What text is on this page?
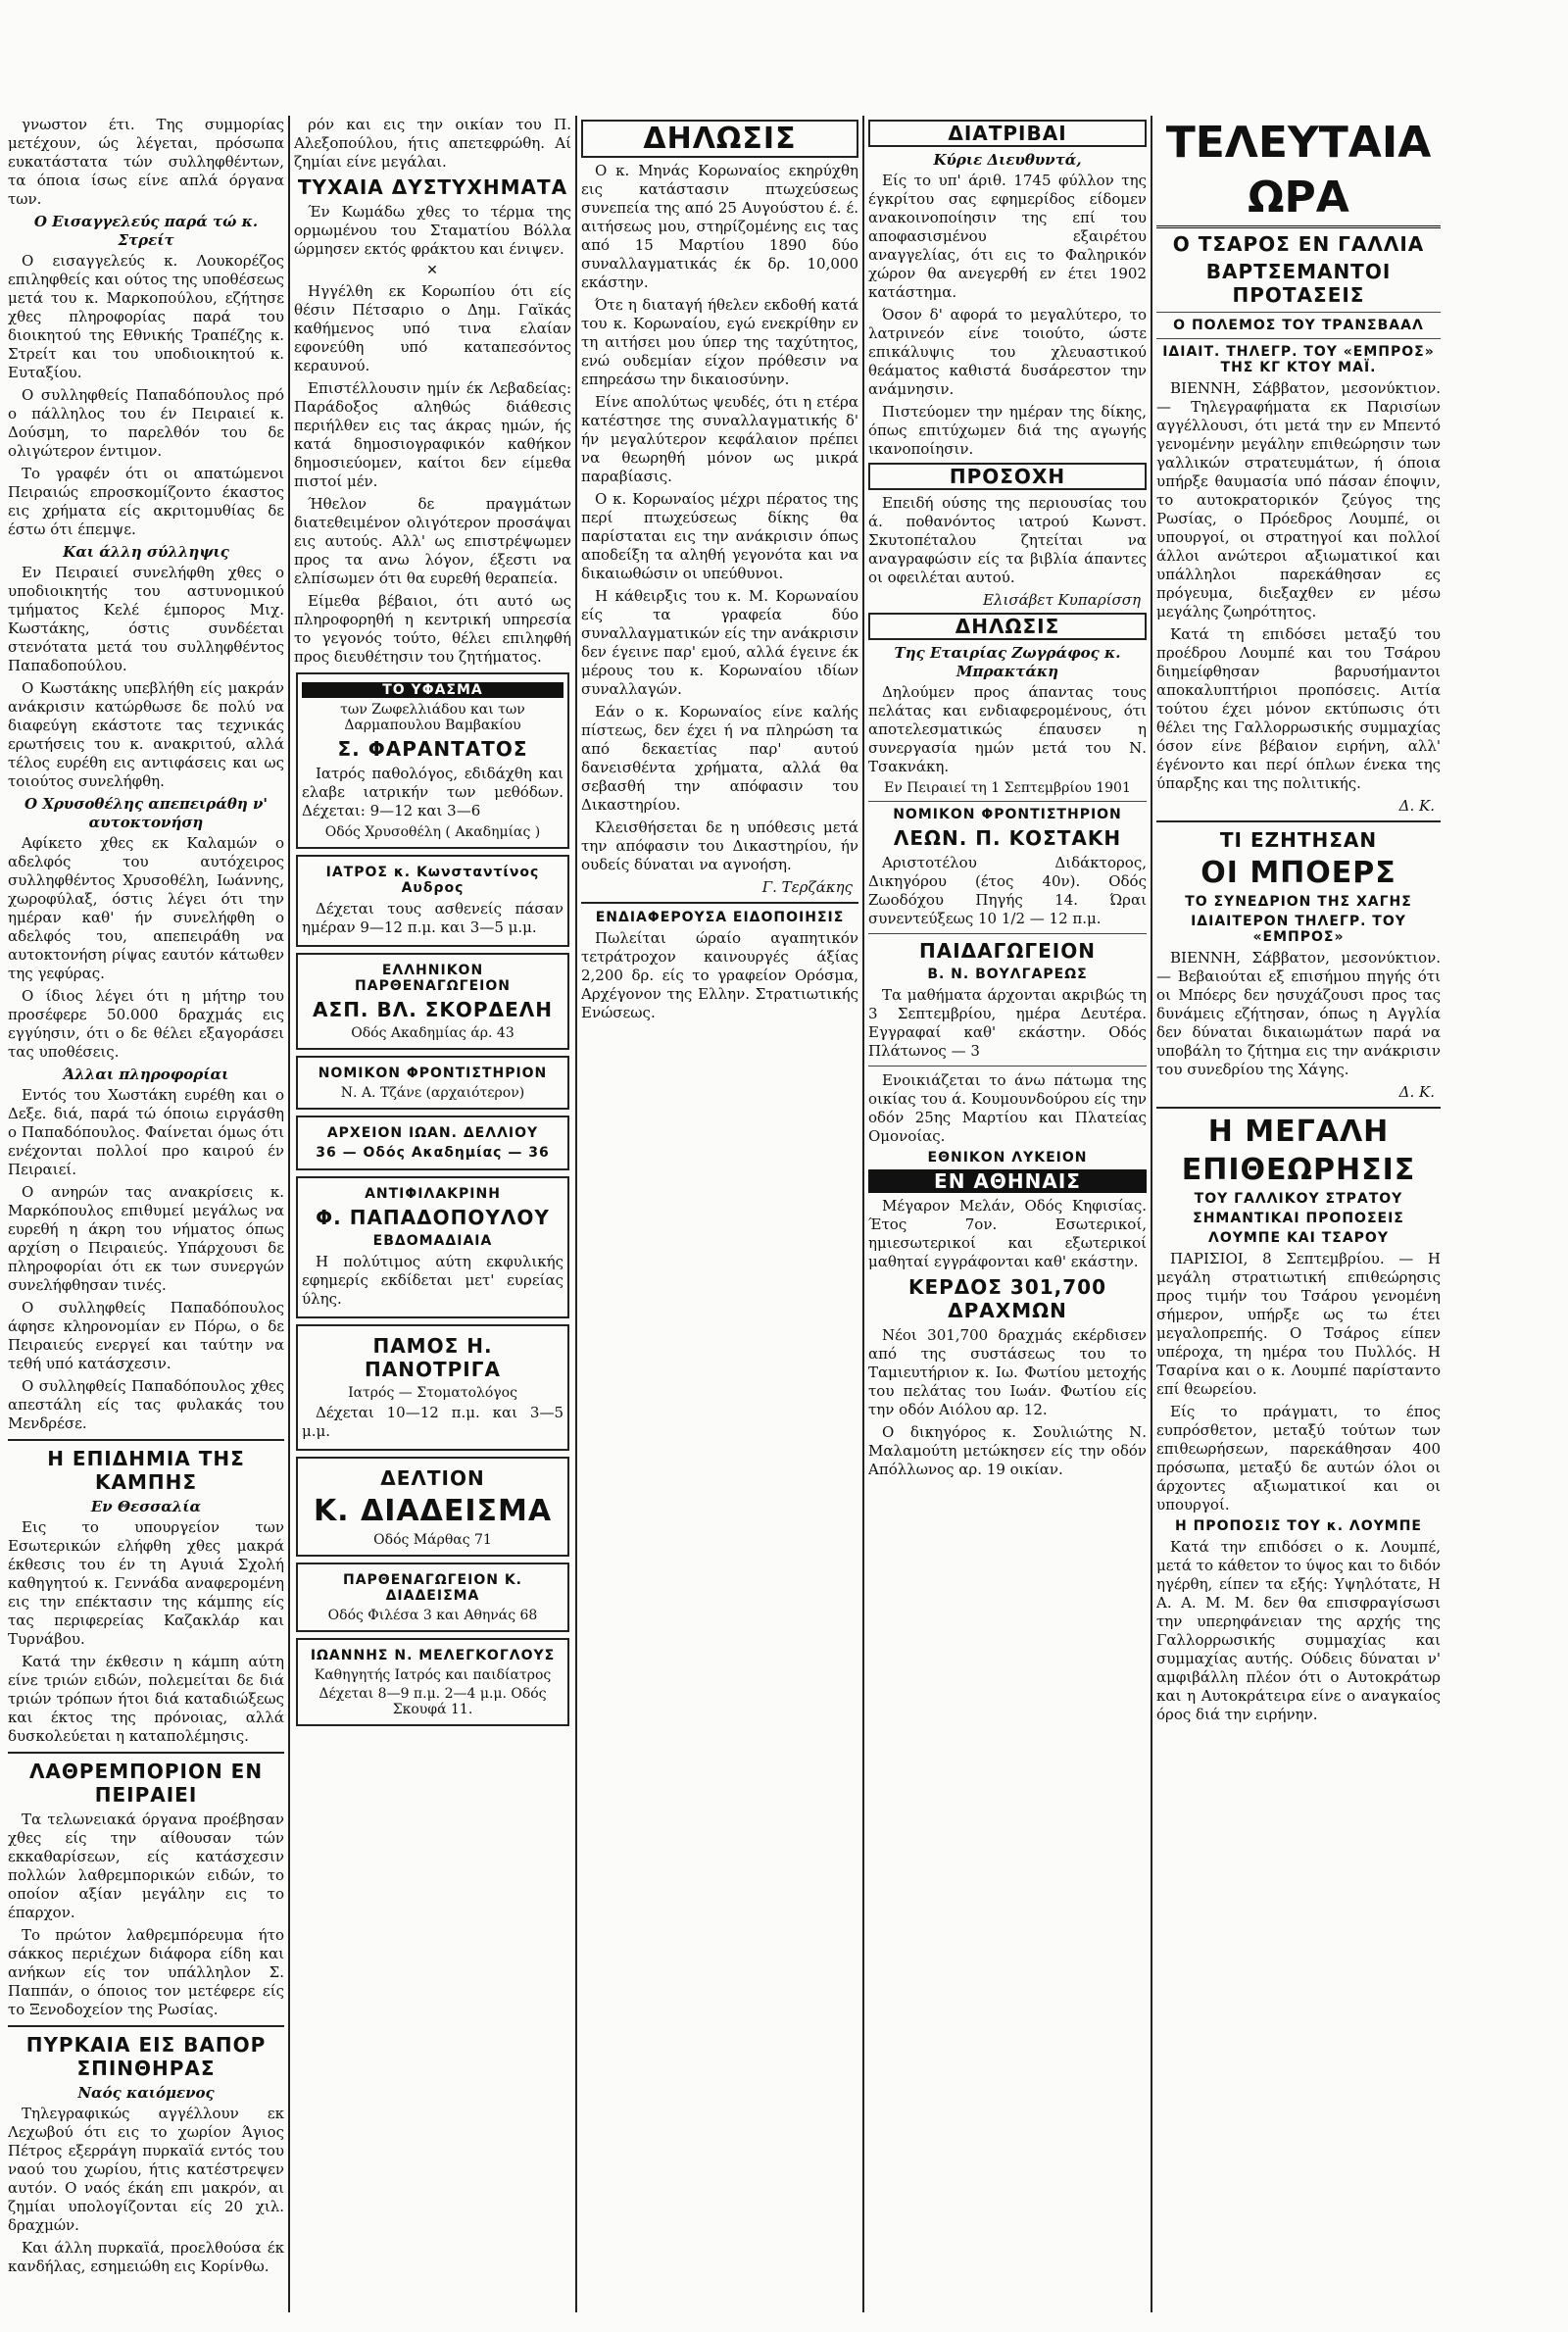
γνωστον έτι. Της συμμορίας μετέχουν, ώς λέγεται, πρόσωπα ευκατάστατα τών συλληφθέντων, τα όποια ίσως είνε απλά όργανα των.

Ο Εισαγγελεύς παρά τώ κ. Στρείτ

Ο εισαγγελεύς κ. Λουκορέζος επιληφθείς και ούτος της υποθέσεως μετά του κ. Μαρκοπούλου, εζήτησε χθες πληροφορίας παρά του διοικητού της Εθνικής Τραπέζης κ. Στρείτ και του υποδιοικητού κ. Ευταξίου.

Ο συλληφθείς Παπαδόπουλος πρό ο πάλληλος του έν Πειραιεί κ. Δούσμη, το παρελθόν του δε ολιγώτερον έντιμον.

Το γραφέν ότι οι απατώμενοι Πειραιώς επροσκομίζοντο έκαστος εις χρήματα είς ακριτομυθίας δε έστω ότι έπεμψε.

Και άλλη σύλληψις

Εν Πειραιεί συνελήφθη χθες ο υποδιοικητής του αστυνομικού τμήματος Κελέ έμπορος Μιχ. Κωστάκης, όστις συνδέεται στενότατα μετά του συλληφθέντος Παπαδοπούλου.

Ο Κωστάκης υπεβλήθη είς μακράν ανάκρισιν κατώρθωσε δε πολύ να διαφεύγη εκάστοτε τας τεχνικάς ερωτήσεις του κ. ανακριτού, αλλά τέλος ευρέθη εις αντιφάσεις και ως τοιούτος συνελήφθη.

Ο Χρυσοθέλης απεπειράθη ν' αυτοκτονήση

Αφίκετο χθες εκ Καλαμών ο αδελφός του αυτόχειρος συλληφθέντος Χρυσοθέλη, Ιωάννης, χωροφύλαξ, όστις λέγει ότι την ημέραν καθ' ήν συνελήφθη ο αδελφός του, απεπειράθη να αυτοκτονήση ρίψας εαυτόν κάτωθεν της γεφύρας.

Ο ίδιος λέγει ότι η μήτηρ του προσέφερε 50.000 δραχμάς εις εγγύησιν, ότι ο δε θέλει εξαγοράσει τας υποθέσεις.

Άλλαι πληροφορίαι

Εντός του Χωστάκη ευρέθη και ο Δεξε. διά, παρά τώ όποιω ειργάσθη ο Παπαδόπουλος. Φαίνεται όμως ότι ενέχονται πολλοί προ καιρού έν Πειραιεί.

Ο ανηρών τας ανακρίσεις κ. Μαρκόπουλος επιθυμεί μεγάλως να ευρεθή η άκρη του νήματος όπως αρχίση ο Πειραιεύς. Υπάρχουσι δε πληροφορίαι ότι εκ των συνεργών συνελήφθησαν τινές.

Ο συλληφθείς Παπαδόπουλος άφησε κληρονομίαν εν Πόρω, ο δε Πειραιεύς ενεργεί και ταύτην να τεθή υπό κατάσχεσιν.

Ο συλληφθείς Παπαδόπουλος χθες απεστάλη είς τας φυλακάς του Μενδρέσε.

Η ΕΠΙΔΗΜΙΑ ΤΗΣ ΚΑΜΠΗΣ

Εν Θεσσαλία

Εις το υπουργείον των Εσωτερικών ελήφθη χθες μακρά έκθεσις του έν τη Αγυιά Σχολή καθηγητού κ. Γεννάδα αναφερομένη εις την επέκτασιν της κάμπης είς τας περιφερείας Καζακλάρ και Τυρνάβου.

Κατά την έκθεσιν η κάμπη αύτη είνε τριών ειδών, πολεμείται δε διά τριών τρόπων ήτοι διά καταδιώξεως και έκτος της πρόνοιας, αλλά δυσκολεύεται η καταπολέμησις.

ΛΑΘΡΕΜΠΟΡΙΟΝ ΕΝ ΠΕΙΡΑΙΕΙ

Τα τελωνειακά όργανα προέβησαν χθες είς την αίθουσαν τών εκκαθαρίσεων, είς κατάσχεσιν πολλών λαθρεμπορικών ειδών, το οποίον αξίαν μεγάλην εις το έπαρχον.

Το πρώτον λαθρεμπόρευμα ήτο σάκκος περιέχων διάφορα είδη και ανήκων είς τον υπάλληλον Σ. Παππάν, ο όποιος τον μετέφερε είς το Ξενοδοχείον της Ρωσίας.

ΠΥΡΚΑΙΑ ΕΙΣ ΒΑΠΟΡ ΣΠΙΝΘΗΡΑΣ

Ναός καιόμενος

Τηλεγραφικώς αγγέλλουν εκ Λεχωβού ότι εις το χωρίον Άγιος Πέτρος εξερράγη πυρκαϊά εντός του ναού του χωρίου, ήτις κατέστρεψεν αυτόν. Ο ναός έκάη επι μακρόν, αι ζημίαι υπολογίζονται είς 20 χιλ. δραχμών.

Και άλλη πυρκαϊά, προελθούσα έκ κανδήλας, εσημειώθη εις Κορίνθω.

ρόν και εις την οικίαν του Π. Αλεξοπούλου, ήτις απετεφρώθη. Αί ζημίαι είνε μεγάλαι.

ΤΥΧΑΙΑ ΔΥΣΤΥΧΗΜΑΤΑ

Έν Κωμάδω χθες το τέρμα της ορμωμένου του Σταματίου Βόλλα ώρμησεν εκτός φράκτου και ένιψεν.

✕

Ηγγέλθη εκ Κορωπίου ότι είς θέσιν Πέτσαριο ο Δημ. Γαϊκάς καθήμενος υπό τινα ελαίαν εφονεύθη υπό καταπεσόντος κεραυνού.

Επιστέλλουσιν ημίν έκ Λεβαδείας: Παράδοξος αληθώς διάθεσις περιήλθεν εις τας άκρας ημών, ής κατά δημοσιογραφικόν καθήκον δημοσιεύομεν, καίτοι δεν είμεθα πιστοί μέν.

Ήθελον δε πραγμάτων διατεθειμένον ολιγότερον προσάψαι εις αυτούς. Αλλ' ως επιστρέψωμεν προς τα ανω λόγον, έξεστι να ελπίσωμεν ότι θα ευρεθή θεραπεία.

Είμεθα βέβαιοι, ότι αυτό ως πληροφορηθή η κεντρική υπηρεσία το γεγονός τούτο, θέλει επιληφθή προς διευθέτησιν του ζητήματος.

ΤΟ ΥΦΑΣΜΑ
των Ζωφελλιάδου και των Δαρμαπουλου Βαμβακίου
Σ. ΦΑΡΑΝΤΑΤΟΣ

Ιατρός παθολόγος, εδιδάχθη και ελαβε ιατρικήν των μεθόδων. Δέχεται: 9—12 και 3—6

Οδός Χρυσοθέλη ( Ακαδημίας )
ΙΑΤΡΟΣ κ. Κωνσταντίνος Αυδρος

Δέχεται τους ασθενείς πάσαν ημέραν 9—12 π.μ. και 3—5 μ.μ.

ΕΛΛΗΝΙΚΟΝ ΠΑΡΘΕΝΑΓΩΓΕΙΟΝ
ΑΣΠ. ΒΛ. ΣΚΟΡΔΕΛΗ
Οδός Ακαδημίας άρ. 43
ΝΟΜΙΚΟΝ ΦΡΟΝΤΙΣΤΗΡΙΟΝ
Ν. Α. Τζάνε (αρχαιότερον)
ΑΡΧΕΙΟΝ ΙΩΑΝ. ΔΕΛΛΙΟΥ
36 — Οδός Ακαδημίας — 36
ΑΝΤΙΦΙΛΑΚΡΙΝΗ
Φ. ΠΑΠΑΔΟΠΟΥΛΟΥ
ΕΒΔΟΜΑΔΙΑΙΑ

Η πολύτιμος αύτη εκφυλικής εφημερίς εκδίδεται μετ' ευρείας ύλης.

ΠΑΜΟΣ Η. ΠΑΝΟΤΡΙΓΑ
Ιατρός — Στοματολόγος

Δέχεται 10—12 π.μ. και 3—5 μ.μ.

ΔΕΛΤΙΟΝ
Κ. ΔΙΑΔΕΙΣΜΑ
Οδός Μάρθας 71
ΠΑΡΘΕΝΑΓΩΓΕΙΟΝ Κ. ΔΙΑΔΕΙΣΜΑ
Οδός Φιλέσα 3 και Αθηνάς 68
ΙΩΑΝΝΗΣ Ν. ΜΕΛΕΓΚΟΓΛΟΥΣ
Καθηγητής Ιατρός και παιδίατρος
Δέχεται 8—9 π.μ. 2—4 μ.μ. Οδός Σκουφά 11.
ΔΗΛΩΣΙΣ

Ο κ. Μηνάς Κορωναίος εκηρύχθη εις κατάστασιν πτωχεύσεως συνεπεία της από 25 Αυγούστου έ. έ. αιτήσεως μου, στηρίζομένης εις τας από 15 Μαρτίου 1890 δύο συναλλαγματικάς έκ δρ. 10,000 εκάστην.

Ότε η διαταγή ήθελεν εκδοθή κατά του κ. Κορωναίου, εγώ ενεκρίθην εν τη αιτήσει μου ύπερ της ταχύτητος, ενώ ουδεμίαν είχον πρόθεσιν να επηρεάσω την δικαιοσύνην.

Είνε απολύτως ψευδές, ότι η ετέρα κατέστησε της συναλλαγματικής δ' ήν μεγαλύτερον κεφάλαιον πρέπει να θεωρηθή μόνον ως μικρά παραβίασις.

Ο κ. Κορωναίος μέχρι πέρατος της περί πτωχεύσεως δίκης θα παρίσταται εις την ανάκρισιν όπως αποδείξη τα αληθή γεγονότα και να δικαιωθώσιν οι υπεύθυνοι.

Η κάθειρξις του κ. Μ. Κορωναίου είς τα γραφεία δύο συναλλαγματικών είς την ανάκρισιν δεν έγεινε παρ' εμού, αλλά έγεινε έκ μέρους του κ. Κορωναίου ιδίων συναλλαγών.

Εάν ο κ. Κορωναίος είνε καλής πίστεως, δεν έχει ή να πληρώση τα από δεκαετίας παρ' αυτού δανεισθέντα χρήματα, αλλά θα σεβασθή την απόφασιν του Δικαστηρίου.

Κλεισθήσεται δε η υπόθεσις μετά την απόφασιν του Δικαστηρίου, ήν ουδείς δύναται να αγνοήση.

Γ. Τερζάκης
ΕΝΔΙΑΦΕΡΟΥΣΑ ΕΙΔΟΠΟΙΗΣΙΣ

Πωλείται ώραίο αγαπητικόν τετράτροχον καινουργές άξίας 2,200 δρ. είς το γραφείον Ορόσμα, Αρχέγονον της Ελλην. Στρατιωτικής Ενώσεως.

ΔΙΑΤΡΙΒΑΙ

Κύριε Διευθυντά,

Είς το υπ' άριθ. 1745 φύλλον της έγκρίτου σας εφημερίδος είδομεν ανακοινοποίησιν της επί του αποφασισμένου εξαιρέτου αναγγελίας, ότι εις το Φαληρικόν χώρον θα ανεγερθή εν έτει 1902 κατάστημα.

Όσον δ' αφορά το μεγαλύτερο, το λατρινεόν είνε τοιούτο, ώστε επικάλυψις του χλευαστικού θεάματος καθιστά δυσάρεστον την ανάμνησιν.

Πιστεύομεν την ημέραν της δίκης, όπως επιτύχωμεν διά της αγωγής ικανοποίησιν.

ΠΡΟΣΟΧΗ

Επειδή ούσης της περιουσίας του ά. ποθανόντος ιατρού Κωνστ. Σκυτοπέταλου ζητείται να αναγραφώσιν είς τα βιβλία άπαντες οι οφειλέται αυτού.

Ελισάβετ Κυπαρίσση
ΔΗΛΩΣΙΣ

Της Εταιρίας Ζωγράφος κ. Μπρακτάκη

Δηλούμεν προς άπαντας τους πελάτας και ενδιαφερομένους, ότι αποτελεσματικώς έπαυσεν η συνεργασία ημών μετά του Ν. Τσακνάκη.

Εν Πειραιεί τη 1 Σεπτεμβρίου 1901
ΝΟΜΙΚΟΝ ΦΡΟΝΤΙΣΤΗΡΙΟΝ
ΛΕΩΝ. Π. ΚΟΣΤΑΚΗ

Αριστοτέλου Διδάκτορος, Δικηγόρου (έτος 40ν). Οδός Ζωοδόχου Πηγής 14. Ώραι συνεντεύξεως 10 1/2 — 12 π.μ.

ΠΑΙΔΑΓΩΓΕΙΟΝ
Β. Ν. ΒΟΥΛΓΑΡΕΩΣ

Τα μαθήματα άρχονται ακριβώς τη 3 Σεπτεμβρίου, ημέρα Δευτέρα. Εγγραφαί καθ' εκάστην. Οδός Πλάτωνος — 3

Ενοικιάζεται το άνω πάτωμα της οικίας του ά. Κουμουνδούρου είς την οδόν 25ης Μαρτίου και Πλατείας Ομονοίας.

ΕΘΝΙΚΟΝ ΛΥΚΕΙΟΝ
ΕΝ ΑΘΗΝΑΙΣ

Μέγαρον Μελάν, Οδός Κηφισίας. Έτος 7ον. Εσωτερικοί, ημιεσωτερικοί και εξωτερικοί μαθηταί εγγράφονται καθ' εκάστην.

ΚΕΡΔΟΣ 301,700 ΔΡΑΧΜΩΝ

Νέοι 301,700 δραχμάς εκέρδισεν από της συστάσεως του το Ταμιευτήριον κ. Ιω. Φωτίου μετοχής του πελάτας του Ιωάν. Φωτίου είς την οδόν Αιόλου αρ. 12.

Ο δικηγόρος κ. Σουλιώτης Ν. Μαλαμούτη μετώκησεν είς την οδόν Απόλλωνος αρ. 19 οικίαν.

ΤΕΛΕΥΤΑΙΑ ΩΡΑ
Ο ΤΣΑΡΟΣ ΕΝ ΓΑΛΛΙΑ
ΒΑΡΤΣΕΜΑΝΤΟΙ ΠΡΟΤΑΣΕΙΣ
Ο ΠΟΛΕΜΟΣ ΤΟΥ ΤΡΑΝΣΒΑΑΛ
ΙΔΙΑΙΤ. ΤΗΛΕΓΡ. ΤΟΥ «ΕΜΠΡΟΣ» ΤΗΣ ΚΓ ΚΤΟΥ ΜΑΪ.

ΒΙΕΝΝΗ, Σάββατον, μεσονύκτιον. — Τηλεγραφήματα εκ Παρισίων αγγέλλουσι, ότι μετά την εν Μπεντό γενομένην μεγάλην επιθεώρησιν των γαλλικών στρατευμάτων, ή όποια υπήρξε θαυμασία υπό πάσαν έποψιν, το αυτοκρατορικόν ζεύγος της Ρωσίας, ο Πρόεδρος Λουμπέ, οι υπουργοί, οι στρατηγοί και πολλοί άλλοι ανώτεροι αξιωματικοί και υπάλληλοι παρεκάθησαν ες πρόγευμα, διεξαχθεν εν μέσω μεγάλης ζωηρότητος.

Κατά τη επιδόσει μεταξύ του προέδρου Λουμπέ και του Τσάρου διημείφθησαν βαρυσήμαντοι αποκαλυπτήριοι προπόσεις. Αιτία τούτου έχει μόνον εκτύπωσις ότι θέλει της Γαλλορρωσικής συμμαχίας όσον είνε βέβαιον ειρήνη, αλλ' έγένοντο και περί όπλων ένεκα της ύπαρξης και της πολιτικής.

Δ. Κ.
ΤΙ ΕΖΗΤΗΣΑΝ
ΟΙ ΜΠΟΕΡΣ
ΤΟ ΣΥΝΕΔΡΙΟΝ ΤΗΣ ΧΑΓΗΣ
ΙΔΙΑΙΤΕΡΟΝ ΤΗΛΕΓΡ. ΤΟΥ «ΕΜΠΡΟΣ»

ΒΙΕΝΝΗ, Σάββατον, μεσονύκτιον. — Βεβαιούται εξ επισήμου πηγής ότι οι Μπόερς δεν ησυχάζουσι προς τας δυνάμεις εζήτησαν, όπως η Αγγλία δεν δύναται δικαιωμάτων παρά να υποβάλη το ζήτημα εις την ανάκρισιν του συνεδρίου της Χάγης.

Δ. Κ.
Η ΜΕΓΑΛΗ
ΕΠΙΘΕΩΡΗΣΙΣ
ΤΟΥ ΓΑΛΛΙΚΟΥ ΣΤΡΑΤΟΥ
ΣΗΜΑΝΤΙΚΑΙ ΠΡΟΠΟΣΕΙΣ
ΛΟΥΜΠΕ ΚΑΙ ΤΣΑΡΟΥ

ΠΑΡΙΣΙΟΙ, 8 Σεπτεμβρίου. — Η μεγάλη στρατιωτική επιθεώρησις προς τιμήν του Τσάρου γενομένη σήμερον, υπήρξε ως τω έτει μεγαλοπρεπής. Ο Τσάρος είπεν υπέροχα, τη ημέρα του Πυλλός. Η Τσαρίνα και ο κ. Λουμπέ παρίσταντο επί θεωρείου.

Είς το πράγματι, το έπος ευπρόσθετον, μεταξύ τούτων των επιθεωρήσεων, παρεκάθησαν 400 πρόσωπα, μεταξύ δε αυτών όλοι οι άρχοντες αξιωματικοί και οι υπουργοί.

Η ΠΡΟΠΟΣΙΣ ΤΟΥ κ. ΛΟΥΜΠΕ

Κατά την επιδόσει ο κ. Λουμπέ, μετά το κάθετον το ύψος και το διδόν ηγέρθη, είπεν τα εξής: Υψηλότατε, Η Α. Α. Μ. Μ. δεν θα επισφραγίσωσι την υπερηφάνειαν της αρχής της Γαλλορρωσικής συμμαχίας και συμμαχίας αυτής. Ούδεις δύναται ν' αμφιβάλλη πλέον ότι ο Αυτοκράτωρ και η Αυτοκράτειρα είνε ο αναγκαίος όρος διά την ειρήνην.
